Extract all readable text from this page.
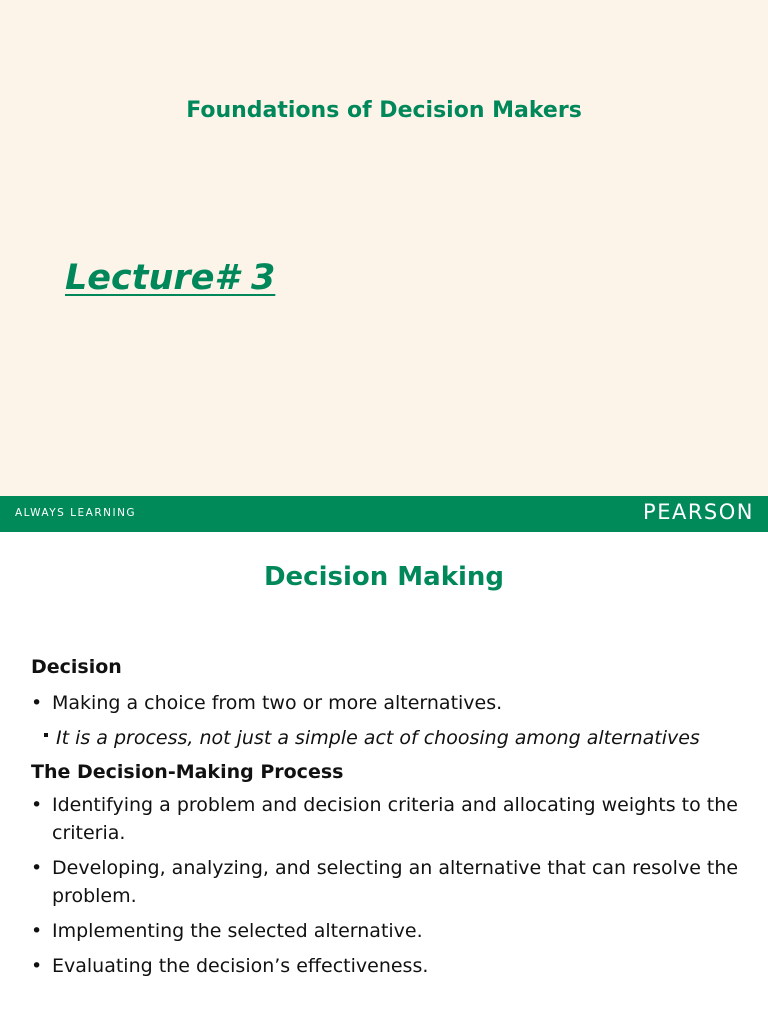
Foundations of Decision Makers
Lecture# 3
ALWAYS LEARNING	PEARSON
Decision Making
Decision
• Making a choice from two or more alternatives.
It is a process, not just a simple act of choosing among alternatives
The Decision-Making Process
• Identifying a problem and decision criteria and allocating weights to the criteria.
• Developing, analyzing, and selecting an alternative that can resolve the problem.
• Implementing the selected alternative.
• Evaluating the decision’s effectiveness.
